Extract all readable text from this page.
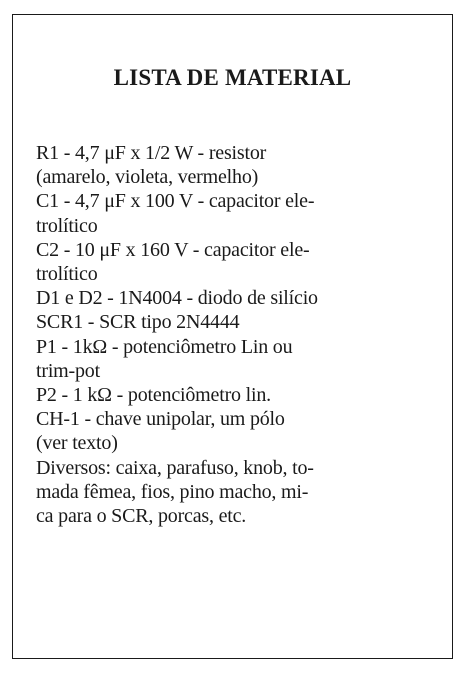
LISTA DE MATERIAL
R1 - 4,7 μF x 1/2 W - resistor
(amarelo, violeta, vermelho)
C1 - 4,7 μF x 100 V - capacitor ele-
trolítico
C2 - 10 μF x 160 V - capacitor ele-
trolítico
D1 e D2 - 1N4004 - diodo de silício
SCR1 - SCR tipo 2N4444
P1 - 1kΩ - potenciômetro Lin ou
trim-pot
P2 - 1 kΩ - potenciômetro lin.
CH-1 - chave unipolar, um pólo
(ver texto)
Diversos: caixa, parafuso, knob, to-
mada fêmea, fios, pino macho, mi-
ca para o SCR, porcas, etc.
